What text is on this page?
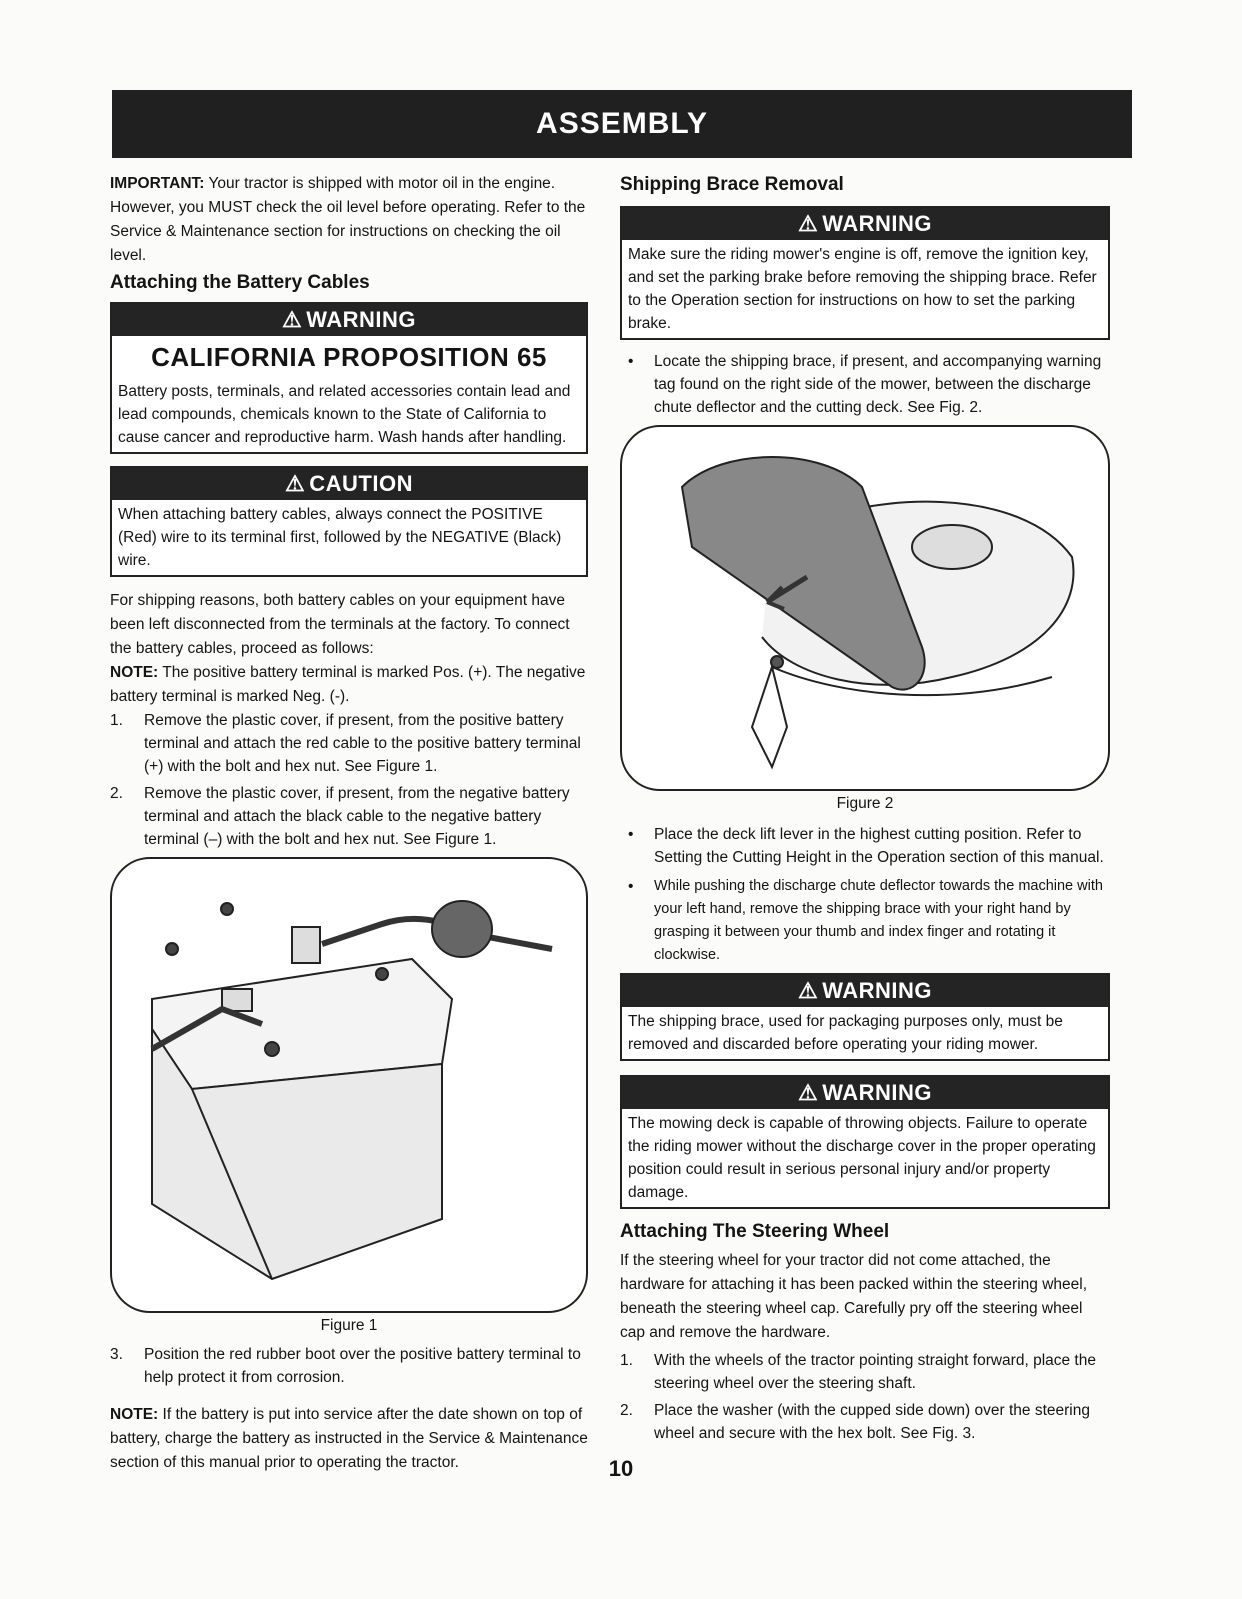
ASSEMBLY

IMPORTANT: Your tractor is shipped with motor oil in the engine. However, you MUST check the oil level before operating. Refer to the Service & Maintenance section for instructions on checking the oil level.

Attaching the Battery Cables
⚠ WARNING
CALIFORNIA PROPOSITION 65
Battery posts, terminals, and related accessories contain lead and lead compounds, chemicals known to the State of California to cause cancer and reproductive harm. Wash hands after handling.
⚠ CAUTION
When attaching battery cables, always connect the POSITIVE (Red) wire to its terminal first, followed by the NEGATIVE (Black) wire.

For shipping reasons, both battery cables on your equipment have been left disconnected from the terminals at the factory. To connect the battery cables, proceed as follows:

NOTE: The positive battery terminal is marked Pos. (+). The negative battery terminal is marked Neg. (-).

1.	Remove the plastic cover, if present, from the positive battery terminal and attach the red cable to the positive battery terminal (+) with the bolt and hex nut. See Figure 1.
2.	Remove the plastic cover, if present, from the negative battery terminal and attach the black cable to the negative battery terminal (–) with the bolt and hex nut. See Figure 1.
Figure 1
3.	Position the red rubber boot over the positive battery terminal to help protect it from corrosion.

NOTE: If the battery is put into service after the date shown on top of battery, charge the battery as instructed in the Service & Maintenance section of this manual prior to operating the tractor.

Shipping Brace Removal
⚠ WARNING
Make sure the riding mower's engine is off, remove the ignition key, and set the parking brake before removing the shipping brace. Refer to the Operation section for instructions on how to set the parking brake.
•	Locate the shipping brace, if present, and accompanying warning tag found on the right side of the mower, between the discharge chute deflector and the cutting deck. See Fig. 2.
Figure 2
•	Place the deck lift lever in the highest cutting position. Refer to Setting the Cutting Height in the Operation section of this manual.
•	While pushing the discharge chute deflector towards the machine with your left hand, remove the shipping brace with your right hand by grasping it between your thumb and index finger and rotating it clockwise.
⚠ WARNING
The shipping brace, used for packaging purposes only, must be removed and discarded before operating your riding mower.
⚠ WARNING
The mowing deck is capable of throwing objects. Failure to operate the riding mower without the discharge cover in the proper operating position could result in serious personal injury and/or property damage.
Attaching The Steering Wheel

If the steering wheel for your tractor did not come attached, the hardware for attaching it has been packed within the steering wheel, beneath the steering wheel cap. Carefully pry off the steering wheel cap and remove the hardware.

1.	With the wheels of the tractor pointing straight forward, place the steering wheel over the steering shaft.
2.	Place the washer (with the cupped side down) over the steering wheel and secure with the hex bolt. See Fig. 3.
10
